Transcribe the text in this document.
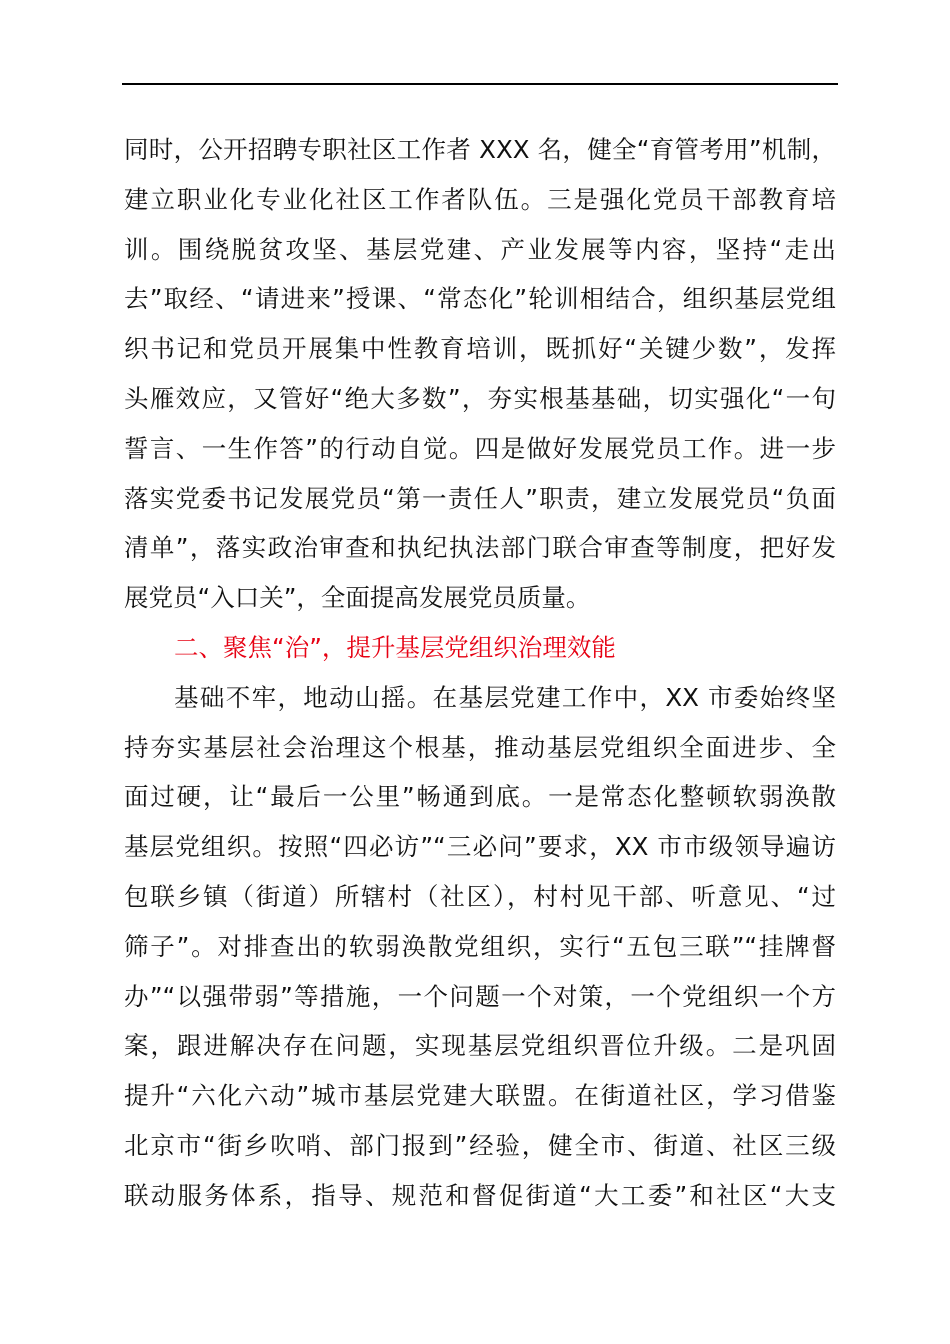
同时，公开招聘专职社区工作者 XXX 名，健全“育管考用”机制，
建立职业化专业化社区工作者队伍。三是强化党员干部教育培
训。围绕脱贫攻坚、基层党建、产业发展等内容，坚持“走出
去”取经、“请进来”授课、“常态化”轮训相结合，组织基层党组
织书记和党员开展集中性教育培训，既抓好“关键少数”，发挥
头雁效应，又管好“绝大多数”，夯实根基基础，切实强化“一句
誓言、一生作答”的行动自觉。四是做好发展党员工作。进一步
落实党委书记发展党员“第一责任人”职责，建立发展党员“负面
清单”，落实政治审查和执纪执法部门联合审查等制度，把好发
展党员“入口关”，全面提高发展党员质量。
二、聚焦“治”，提升基层党组织治理效能
基础不牢，地动山摇。在基层党建工作中，XX 市委始终坚
持夯实基层社会治理这个根基，推动基层党组织全面进步、全
面过硬，让“最后一公里”畅通到底。一是常态化整顿软弱涣散
基层党组织。按照“四必访”“三必问”要求，XX 市市级领导遍访
包联乡镇（街道）所辖村（社区），村村见干部、听意见、“过
筛子”。对排查出的软弱涣散党组织，实行“五包三联”“挂牌督
办”“以强带弱”等措施，一个问题一个对策，一个党组织一个方
案，跟进解决存在问题，实现基层党组织晋位升级。二是巩固
提升“六化六动”城市基层党建大联盟。在街道社区，学习借鉴
北京市“街乡吹哨、部门报到”经验，健全市、街道、社区三级
联动服务体系，指导、规范和督促街道“大工委”和社区“大支
